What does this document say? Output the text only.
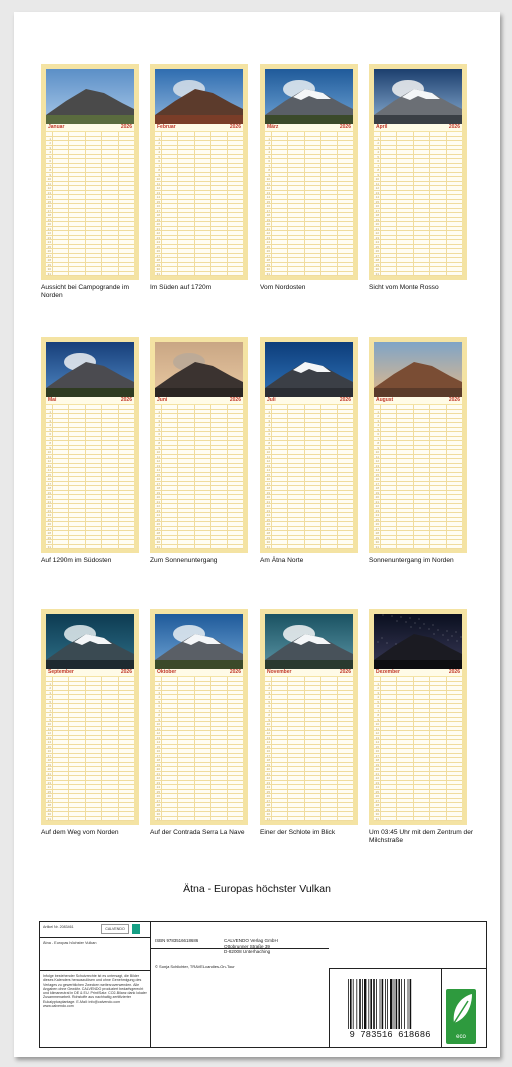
Januar	2026
1
2
3
4
5
6
7
8
9
10
11
12
13
14
15
16
17
18
19
20
21
22
23
24
25
26
27
28
29
30
31
Aussicht bei Campogrande im Norden
Februar	2026
1
2
3
4
5
6
7
8
9
10
11
12
13
14
15
16
17
18
19
20
21
22
23
24
25
26
27
28
29
30
31
Im Süden auf 1720m
März	2026
1
2
3
4
5
6
7
8
9
10
11
12
13
14
15
16
17
18
19
20
21
22
23
24
25
26
27
28
29
30
31
Vom Nordosten
April	2026
1
2
3
4
5
6
7
8
9
10
11
12
13
14
15
16
17
18
19
20
21
22
23
24
25
26
27
28
29
30
31
Sicht vom Monte Rosso
Mai	2026
1
2
3
4
5
6
7
8
9
10
11
12
13
14
15
16
17
18
19
20
21
22
23
24
25
26
27
28
29
30
31
Auf 1290m im Südosten
Juni	2026
1
2
3
4
5
6
7
8
9
10
11
12
13
14
15
16
17
18
19
20
21
22
23
24
25
26
27
28
29
30
31
Zum Sonnenuntergang
Juli	2026
1
2
3
4
5
6
7
8
9
10
11
12
13
14
15
16
17
18
19
20
21
22
23
24
25
26
27
28
29
30
31
Am Ätna Norte
August	2026
1
2
3
4
5
6
7
8
9
10
11
12
13
14
15
16
17
18
19
20
21
22
23
24
25
26
27
28
29
30
31
Sonnenuntergang im Norden
September	2026
1
2
3
4
5
6
7
8
9
10
11
12
13
14
15
16
17
18
19
20
21
22
23
24
25
26
27
28
29
30
31
Auf dem Weg vom Norden
Oktober	2026
1
2
3
4
5
6
7
8
9
10
11
12
13
14
15
16
17
18
19
20
21
22
23
24
25
26
27
28
29
30
31
Auf der Contrada Serra La Nave
November	2026
1
2
3
4
5
6
7
8
9
10
11
12
13
14
15
16
17
18
19
20
21
22
23
24
25
26
27
28
29
30
31
Einer der Schlote im Blick
Dezember	2026
1
2
3
4
5
6
7
8
9
10
11
12
13
14
15
16
17
18
19
20
21
22
23
24
25
26
27
28
29
30
31
Um 03:45 Uhr mit dem Zentrum der Milchstraße
Ätna - Europas höchster Vulkan
Artikel Nr. 2083461	CALVENDO
Ätna - Europas höchster Vulkan
Infolge bestehender Schutzrechte ist es untersagt, die Bilder dieses Kalenders herauszulösen und ohne Genehmigung des Verlages zu gewerblichen Zwecken weiterzuverwenden. Alle Angaben ohne Gewähr. CALVENDO produziert bedarfsgerecht und klimaneutral in DE & EU. Print/Satz: CO2-Bilanz dank lokaler Zusammenarbeit. Rohstoffe aus nachhaltig zertifizierter Eukalyptusplantage. E-Mail: info@calvendo.com www.calvendo.com
ISBN 9783516618686	CALVENDO Verlag GmbH
Ottobrunner Straße 39
D-82008 Unterhaching
© Sonja Schlichter, TRAVELcandies-On-Tour
9 783516 618686	eco
